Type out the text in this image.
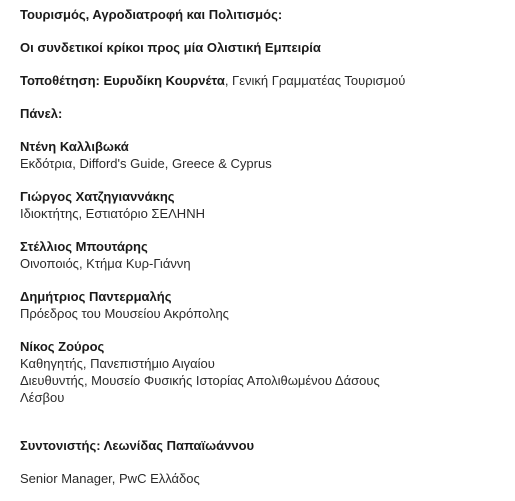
Τουρισμός, Αγροδιατροφή και Πολιτισμός:
Οι συνδετικοί κρίκοι προς μία Ολιστική Εμπειρία
Τοποθέτηση: Ευρυδίκη Κουρνέτα, Γενική Γραμματέας Τουρισμού
Πάνελ:
Ντένη Καλλιβωκά
Εκδότρια, Difford's Guide, Greece & Cyprus
Γιώργος Χατζηγιαννάκης
Ιδιοκτήτης, Εστιατόριο ΣΕΛΗΝΗ
Στέλλιος Μπουτάρης
Οινοποιός, Κτήμα Κυρ-Γιάννη
Δημήτριος Παντερμαλής
Πρόεδρος του Μουσείου Ακρόπολης
Νίκος Ζούρος
Καθηγητής, Πανεπιστήμιο Αιγαίου
Διευθυντής, Μουσείο Φυσικής Ιστορίας Απολιθωμένου Δάσους
Λέσβου
Συντονιστής: Λεωνίδας Παπαϊωάννου
Senior Manager, PwC Ελλάδος
